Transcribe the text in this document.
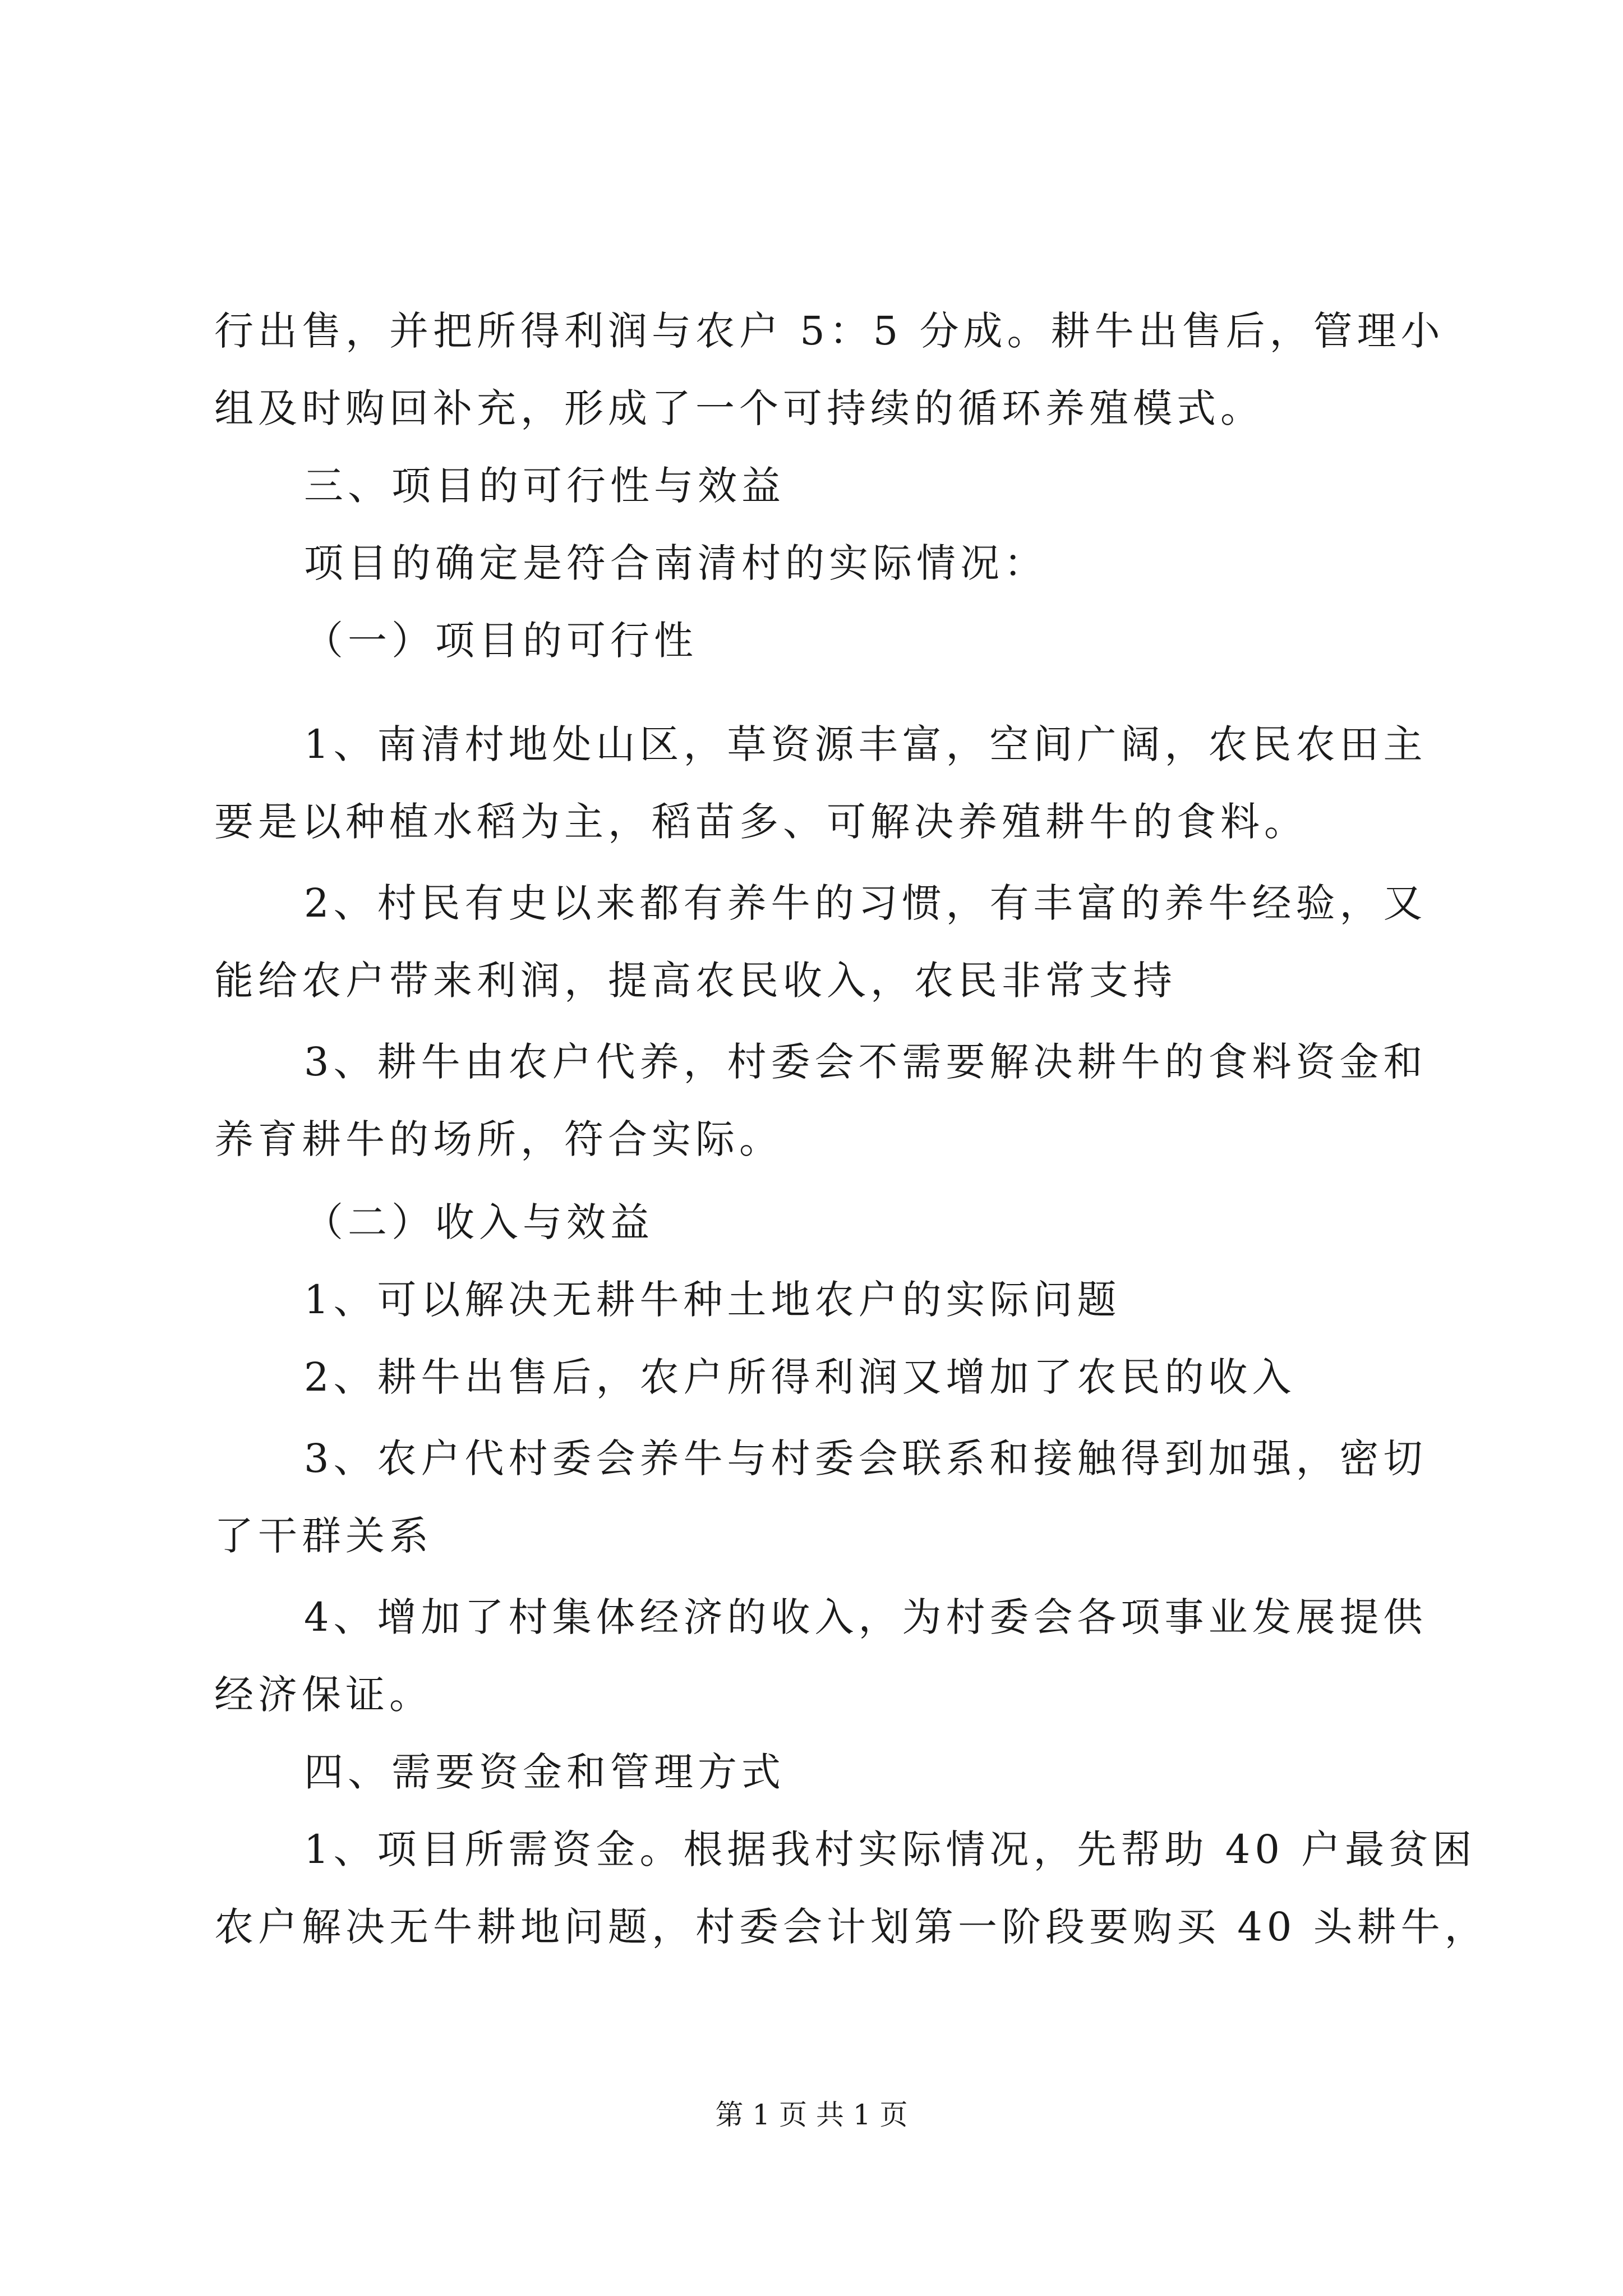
行出售，并把所得利润与农户 5：5 分成。耕牛出售后，管理小

组及时购回补充，形成了一个可持续的循环养殖模式。

三、项目的可行性与效益

项目的确定是符合南清村的实际情况：

（一）项目的可行性

1、南清村地处山区，草资源丰富，空间广阔，农民农田主

要是以种植水稻为主，稻苗多、可解决养殖耕牛的食料。

2、村民有史以来都有养牛的习惯，有丰富的养牛经验，又

能给农户带来利润，提高农民收入，农民非常支持

3、耕牛由农户代养，村委会不需要解决耕牛的食料资金和

养育耕牛的场所，符合实际。

（二）收入与效益

1、可以解决无耕牛种土地农户的实际问题

2、耕牛出售后，农户所得利润又增加了农民的收入

3、农户代村委会养牛与村委会联系和接触得到加强，密切

了干群关系

4、增加了村集体经济的收入，为村委会各项事业发展提供

经济保证。

四、需要资金和管理方式

1、项目所需资金。根据我村实际情况，先帮助 40 户最贫困

农户解决无牛耕地问题，村委会计划第一阶段要购买 40 头耕牛，

第 1 页 共 1 页
